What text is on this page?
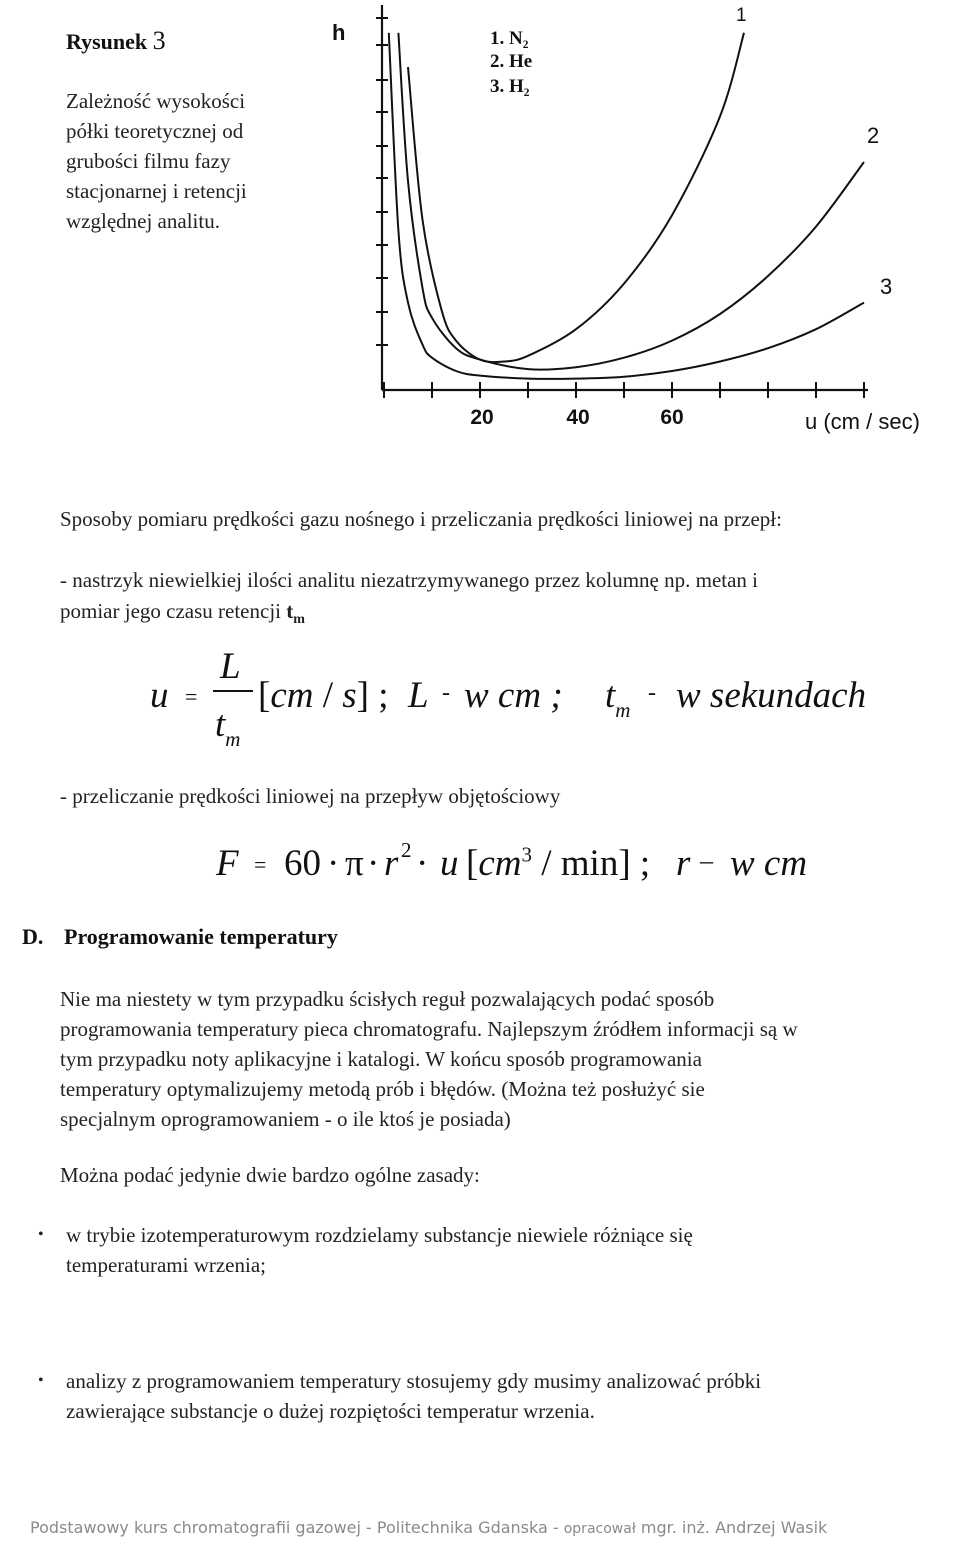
Rysunek 3
Zależność wysokości
półki teoretycznej od
grubości filmu fazy
stacjonarnej i retencji
względnej analitu.
h
20	40	60	u (cm / sec)
1. N₂
2. He
3. H₂
1
2
3
Sposoby pomiaru prędkości gazu nośnego i przeliczania prędkości liniowej na przepł:
- nastrzyk niewielkiej ilości analitu niezatrzymywanego przez kolumnę np. metan i
pomiar jego czasu retencji $t_m$
u =
L
$t_m$
[cm / s] ; L - w cm ; $t_m$
- w sekundach
- przeliczanie prędkości liniowej na przepływ objętościowy
F = 60 · π · r 2 · u $[cm^3 / \min]$ ; r – w cm
D. Programowanie temperatury
Nie ma niestety w tym przypadku ścisłych reguł pozwalających podać sposób
programowania temperatury pieca chromatografu. Najlepszym źródłem informacji są w
tym przypadku noty aplikacyjne i katalogi. W końcu sposób programowania
temperatury optymalizujemy metodą prób i błędów. (Można też posłużyć sie
specjalnym oprogramowaniem - o ile ktoś je posiada)
Można podać jedynie dwie bardzo ogólne zasady:
• w trybie izotemperaturowym rozdzielamy substancje niewiele różniące się
temperaturami wrzenia;
• analizy z programowaniem temperatury stosujemy gdy musimy analizować próbki
zawierające substancje o dużej rozpiętości temperatur wrzenia.
Podstawowy kurs chromatografii gazowej - Politechnika Gdanska - opracował mgr. inż. Andrzej Wasik
